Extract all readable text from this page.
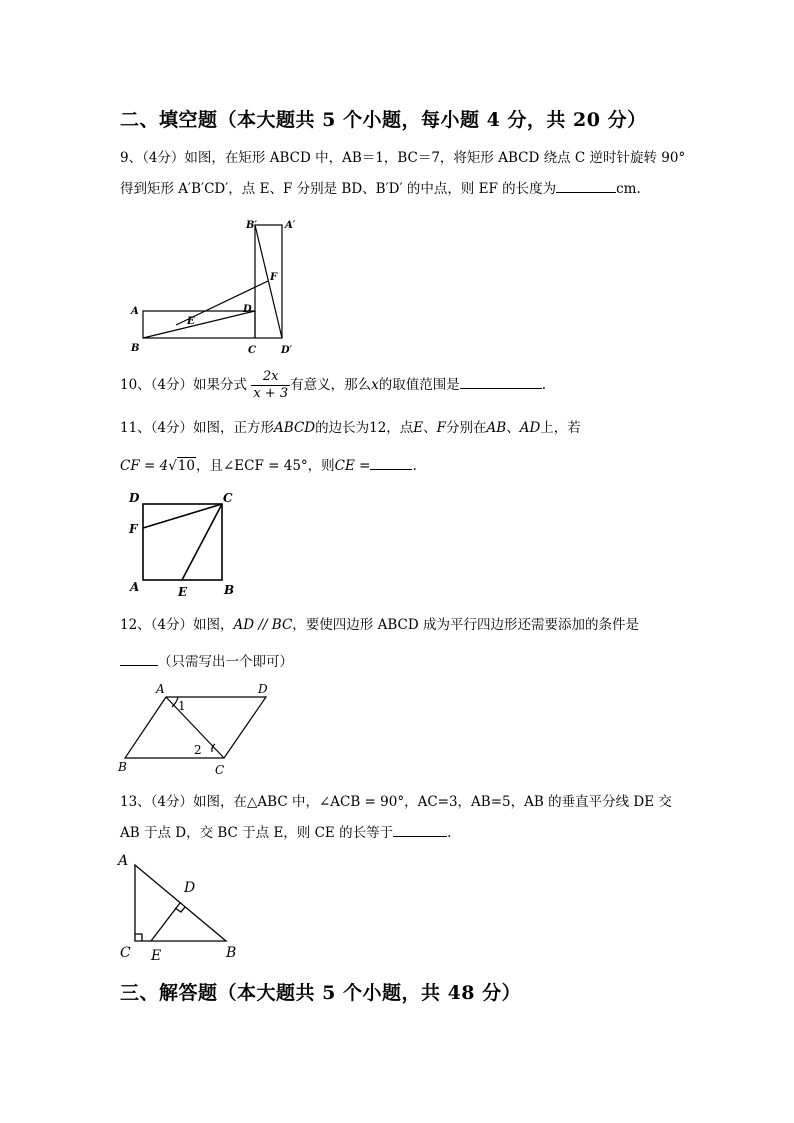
二、填空题（本大题共 5 个小题，每小题 4 分，共 20 分）
9、（4分）如图，在矩形 ABCD 中，AB＝1，BC＝7，将矩形 ABCD 绕点 C 逆时针旋转 90°
得到矩形 A′B′CD′，点 E、F 分别是 BD、B′D′ 的中点，则 EF 的长度为	cm.
B′	A′
F
A
E
D
B	C	D′
10、（4分）如果分式 $\frac{2x}{x + 3}$ 有意义，那么x的取值范围是	.
11、（4分）如图，正方形ABCD的边长为12，点E、F分别在AB、AD上，若
CF = 4√10，且∠ECF = 45°，则CE =	.
D	C
F
A	E	B
12、（4分）如图，AD // BC，要使四边形 ABCD 成为平行四边形还需要添加的条件是
（只需写出一个即可）
A	D
1
2
B	C
13、（4分）如图，在△ABC 中，∠ACB = 90°，AC=3，AB=5，AB 的垂直平分线 DE 交
AB 于点 D，交 BC 于点 E，则 CE 的长等于	.
A
D
C E	B
三、解答题（本大题共 5 个小题，共 48 分）
